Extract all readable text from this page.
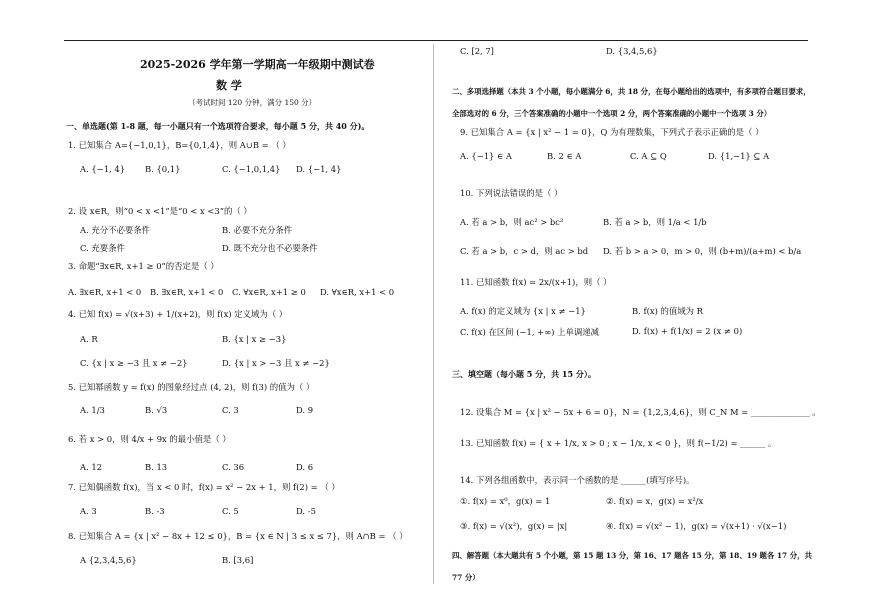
2025-2026 学年第一学期高一年级期中测试卷
数 学
（考试时间 120 分钟，满分 150 分）
一、单选题(第 1-8 题，每一小题只有一个选项符合要求，每小题 5 分，共 40 分)。
1. 已知集合 A={−1,0,1}，B={0,1,4}，则 A∪B = （ ）
A. {−1, 4} B. {0,1}	C. {−1,0,1,4} D. {−1, 4}
2. 设 x∈R，则“0 < x <1”是“0 < x <3”的（ ）
A. 充分不必要条件	B. 必要不充分条件
C. 充要条件	D. 既不充分也不必要条件
3. 命题“∃x∈R, x+1 ≥ 0”的否定是（ ）
A. ∃x∈R, x+1 < 0 B. ∃x∈R, x+1 < 0 C. ∀x∈R, x+1 ≥ 0 D. ∀x∈R, x+1 < 0
4. 已知 f(x) = √(x+3) + 1/(x+2)，则 f(x) 定义域为（ ）
A. R	B. {x | x ≥ −3}
C. {x | x ≥ −3 且 x ≠ −2}	D. {x | x > −3 且 x ≠ −2}
5. 已知幂函数 y = f(x) 的图象经过点 (4, 2)，则 f(3) 的值为（ ）
A. 1/3	B. √3	C. 3	D. 9
6. 若 x > 0，则 4/x + 9x 的最小值是（ ）
A. 12	B. 13	C. 36	D. 6
7. 已知偶函数 f(x)，当 x < 0 时，f(x) = x² − 2x + 1，则 f(2) = （ ）
A. 3	B. -3	C. 5	D. -5
8. 已知集合 A = {x | x² − 8x + 12 ≤ 0}，B = {x ∈ N | 3 ≤ x ≤ 7}，则 A∩B = （ ）
A {2,3,4,5,6}	B. [3,6]
C. [2, 7]	D. {3,4,5,6}
二、多项选择题（本共 3 个小题，每小题满分 6，共 18 分，在每小题给出的选项中，有多项符合题目要求，全部选对的 6 分，三个答案准确的小题中一个选项 2 分，两个答案准确的小题中一个选项 3 分）
9. 已知集合 A = {x | x² − 1 = 0}，Q 为有理数集，下列式子表示正确的是（ ）
A. {−1} ∈ A	B. 2 ∈ A	C. A ⊆ Q	D. {1,−1} ⊆ A
10. 下列说法错误的是（ ）
A. 若 a > b，则 ac² > bc²	B. 若 a > b，则 1/a < 1/b
C. 若 a > b，c > d，则 ac > bd D. 若 b > a > 0，m > 0，则 (b+m)/(a+m) < b/a
11. 已知函数 f(x) = 2x/(x+1)，则（ ）
A. f(x) 的定义域为 {x | x ≠ −1}	B. f(x) 的值域为 R
C. f(x) 在区间 (−1, +∞) 上单调递减	D. f(x) + f(1/x) = 2 (x ≠ 0)
三、填空题（每小题 5 分，共 15 分）。
12. 设集合 M = {x | x² − 5x + 6 = 0}，N = {1,2,3,4,6}，则 C_N M = ______________ 。
13. 已知函数 f(x) = { x + 1/x, x > 0 ; x − 1/x, x < 0 }，则 f(−1/2) = ______ 。
14. 下列各组函数中，表示同一个函数的是 ______(填写序号)。
①. f(x) = x⁰，g(x) = 1	②. f(x) = x，g(x) = x²/x
③. f(x) = √(x²)，g(x) = |x|	④. f(x) = √(x² − 1)，g(x) = √(x+1) · √(x−1)
四、解答题（本大题共有 5 个小题，第 15 题 13 分，第 16、17 题各 15 分，第 18、19 题各 17 分，共 77 分）
